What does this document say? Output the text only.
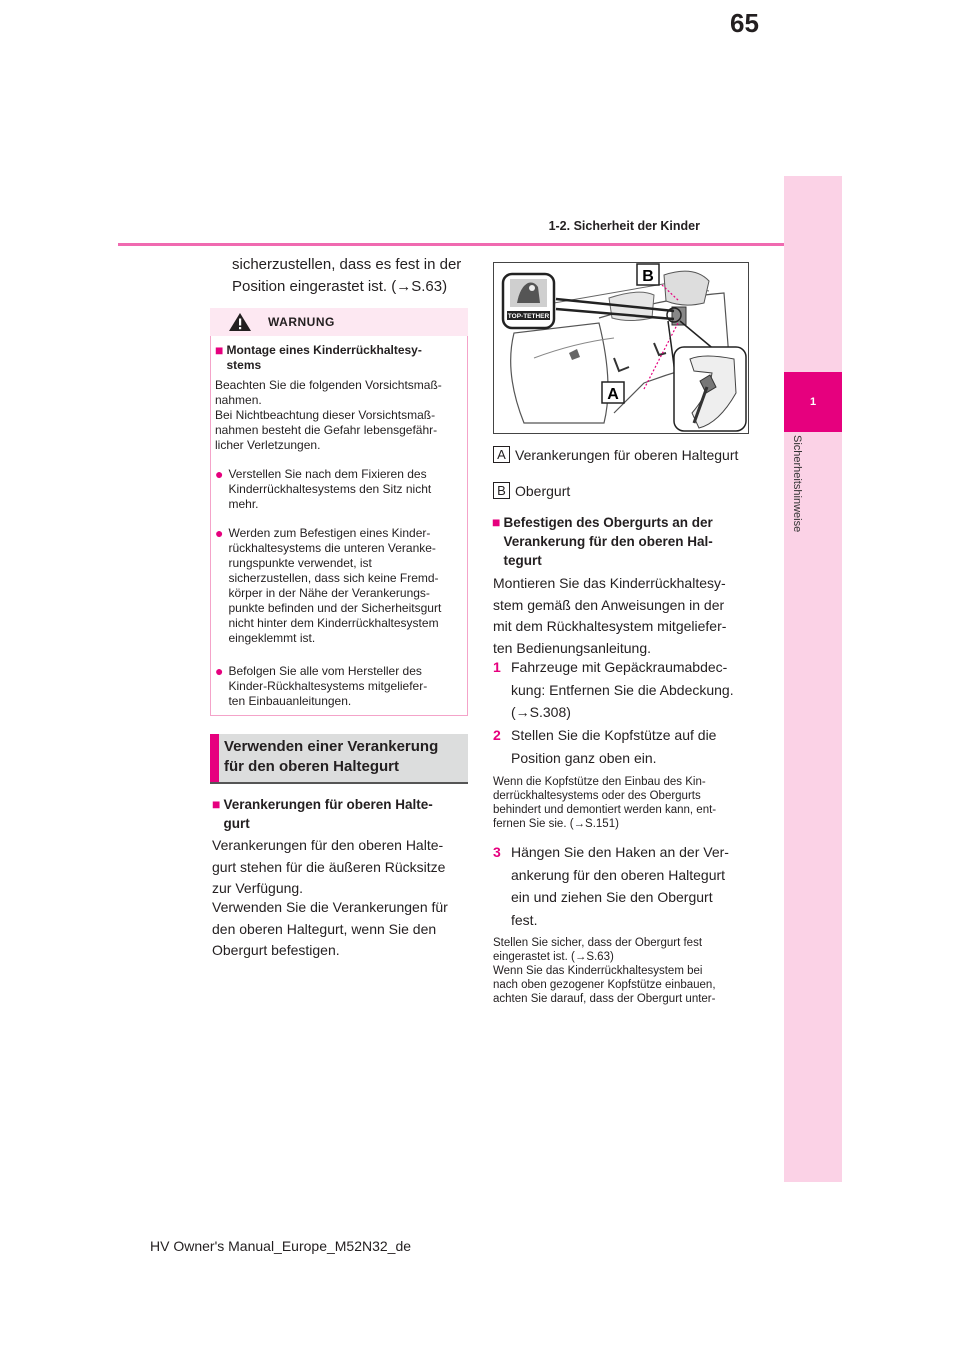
65
1-2. Sicherheit der Kinder
1
Sicherheitshinweise
sicherzustellen, dass es fest in der
Position eingerastet ist. (→S.63)
WARNUNG
■ Montage eines Kinderrückhaltesy-
stems
Beachten Sie die folgenden Vorsichtsmaß-
nahmen.
Bei Nichtbeachtung dieser Vorsichtsmaß-
nahmen besteht die Gefahr lebensgefähr-
licher Verletzungen.
● Verstellen Sie nach dem Fixieren des
Kinderrückhaltesystems den Sitz nicht
mehr.
● Werden zum Befestigen eines Kinder-
rückhaltesystems die unteren Veranke-
rungspunkte verwendet, ist
sicherzustellen, dass sich keine Fremd-
körper in der Nähe der Verankerungs-
punkte befinden und der Sicherheitsgurt
nicht hinter dem Kinderrückhaltesystem
eingeklemmt ist.
● Befolgen Sie alle vom Hersteller des
Kinder-Rückhaltesystems mitgeliefer-
ten Einbauanleitungen.
Verwenden einer Verankerung
für den oberen Haltegurt
■ Verankerungen für oberen Halte-
gurt
Verankerungen für den oberen Halte-
gurt stehen für die äußeren Rücksitze
zur Verfügung.
Verwenden Sie die Verankerungen für
den oberen Haltegurt, wenn Sie den
Obergurt befestigen.
TOP-TETHER
B
A
A Verankerungen für oberen Haltegurt
B Obergurt
■ Befestigen des Obergurts an der
Verankerung für den oberen Hal-
tegurt
Montieren Sie das Kinderrückhaltesy-
stem gemäß den Anweisungen in der
mit dem Rückhaltesystem mitgeliefer-
ten Bedienungsanleitung.
1 Fahrzeuge mit Gepäckraumabdec-
kung: Entfernen Sie die Abdeckung.
(→S.308)
2 Stellen Sie die Kopfstütze auf die
Position ganz oben ein.
Wenn die Kopfstütze den Einbau des Kin-
derrückhaltesystems oder des Obergurts
behindert und demontiert werden kann, ent-
fernen Sie sie. (→S.151)
3 Hängen Sie den Haken an der Ver-
ankerung für den oberen Haltegurt
ein und ziehen Sie den Obergurt
fest.
Stellen Sie sicher, dass der Obergurt fest
eingerastet ist. (→S.63)
Wenn Sie das Kinderrückhaltesystem bei
nach oben gezogener Kopfstütze einbauen,
achten Sie darauf, dass der Obergurt unter-
HV Owner's Manual_Europe_M52N32_de
